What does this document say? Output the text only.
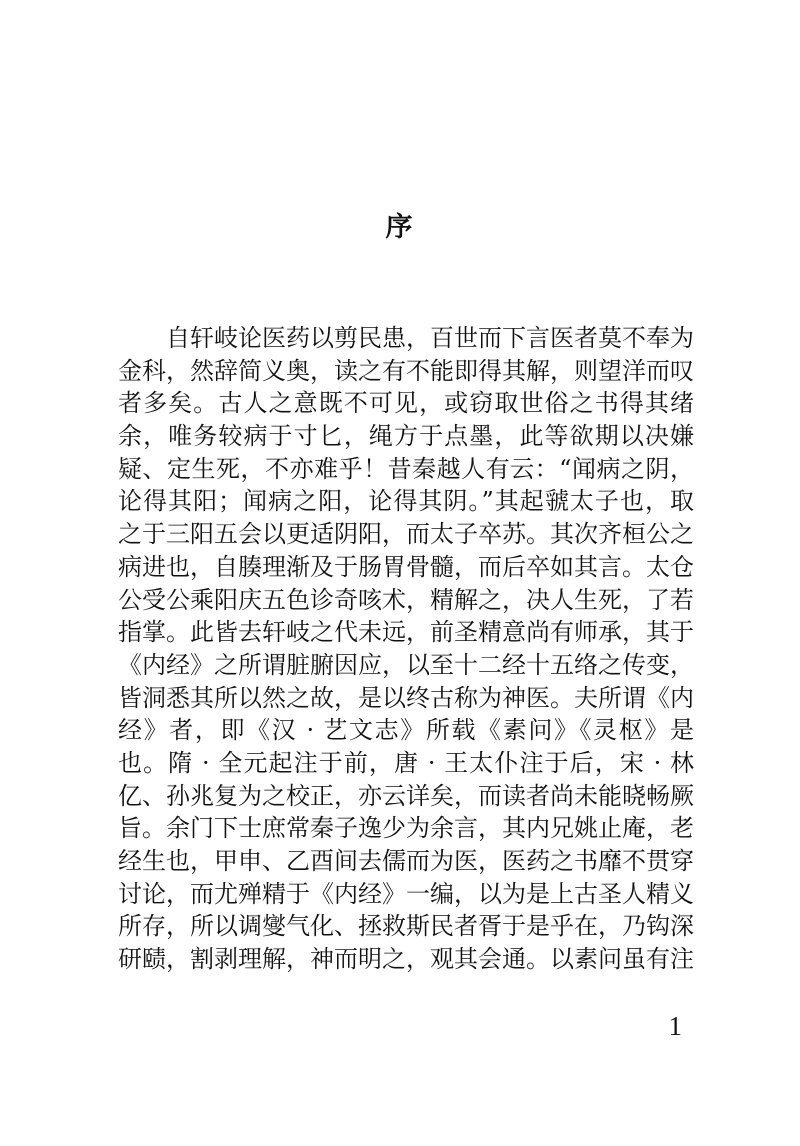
序
自轩岐论医药以剪民患，百世而下言医者莫不奉为
金科，然辞简义奥，读之有不能即得其解，则望洋而叹
者多矣。古人之意既不可见，或窃取世俗之书得其绪
余，唯务较病于寸匕，绳方于点墨，此等欲期以决嫌
疑、定生死，不亦难乎！昔秦越人有云：“闻病之阴，
论得其阳；闻病之阳，论得其阴。”其起虢太子也，取
之于三阳五会以更适阴阳，而太子卒苏。其次齐桓公之
病进也，自腠理渐及于肠胃骨髓，而后卒如其言。太仓
公受公乘阳庆五色诊奇咳术，精解之，决人生死，了若
指掌。此皆去轩岐之代未远，前圣精意尚有师承，其于
《内经》之所谓脏腑因应，以至十二经十五络之传变，
皆洞悉其所以然之故，是以终古称为神医。夫所谓《内
经》者，即《汉 · 艺文志》所载《素问》《灵枢》是
也。隋 · 全元起注于前，唐 · 王太仆注于后，宋 · 林
亿、孙兆复为之校正，亦云详矣，而读者尚未能晓畅厥
旨。余门下士庶常秦子逸少为余言，其内兄姚止庵，老
经生也，甲申、乙酉间去儒而为医，医药之书靡不贯穿
讨论，而尤殚精于《内经》一编，以为是上古圣人精义
所存，所以调燮气化、拯救斯民者胥于是乎在，乃钩深
研赜，割剥理解，神而明之，观其会通。以素问虽有注
1
